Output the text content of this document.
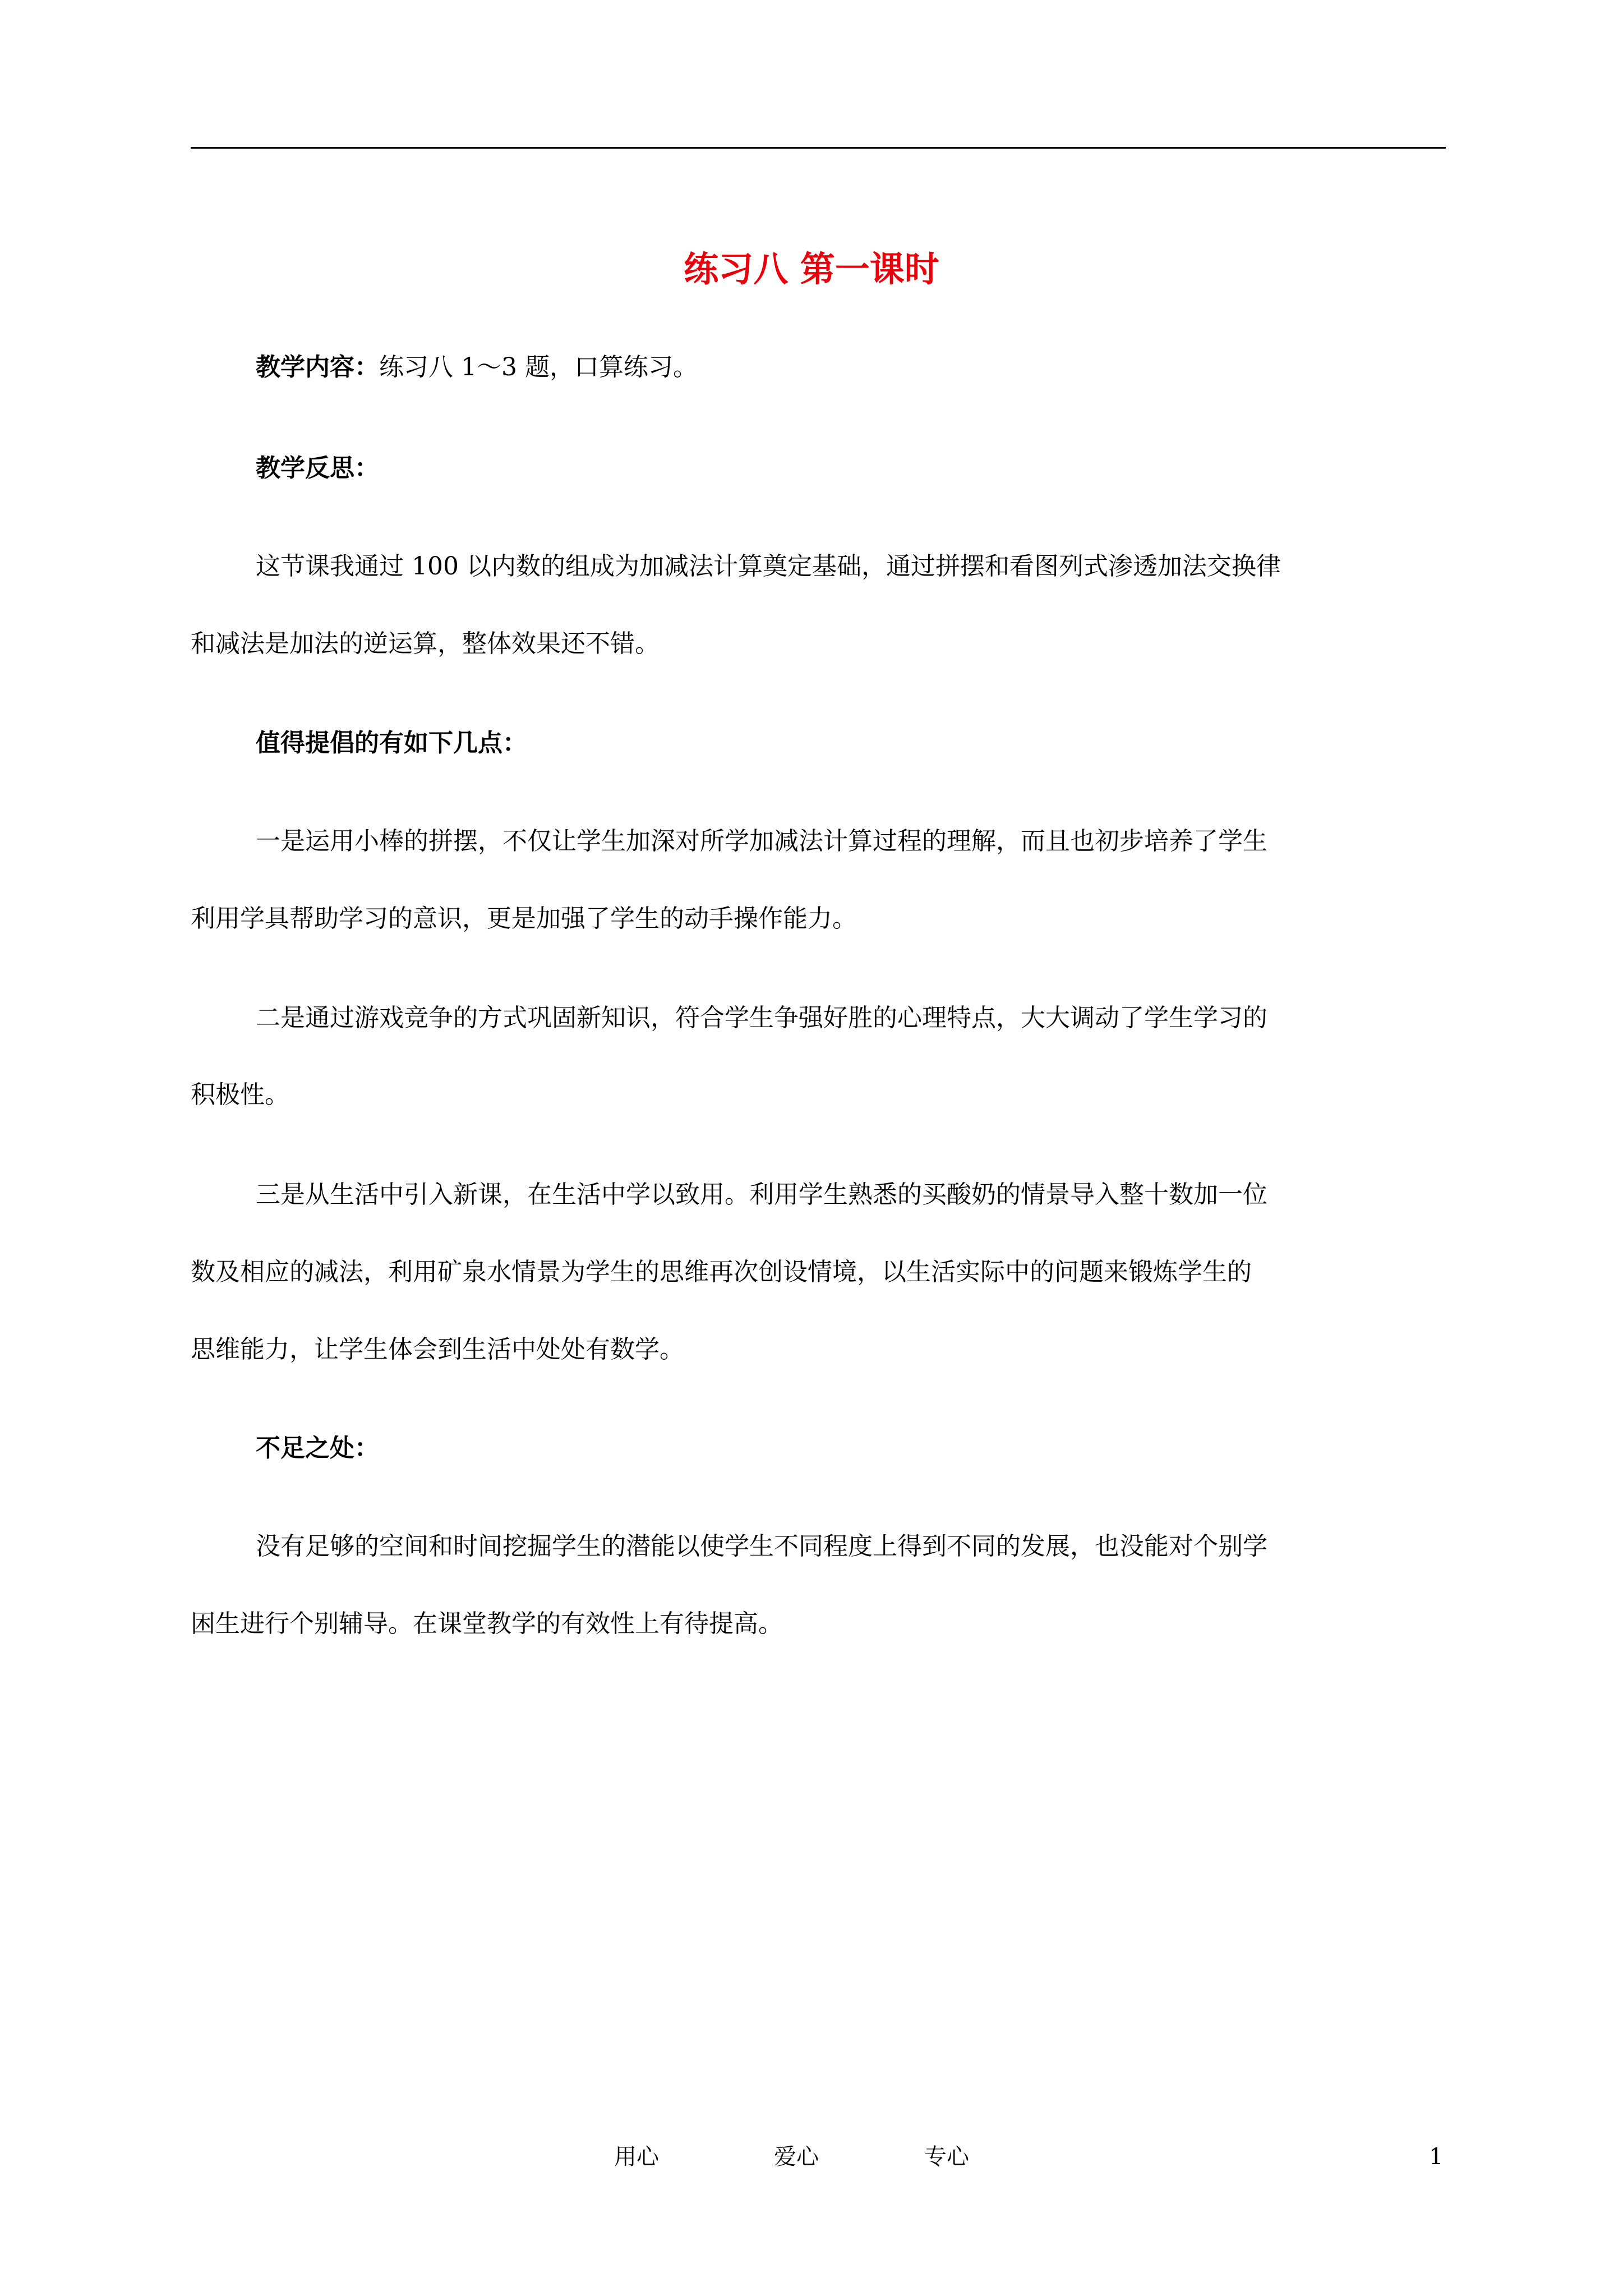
练习八 第一课时
教学内容：练习八 1～3 题，口算练习。
教学反思：
这节课我通过 100 以内数的组成为加减法计算奠定基础，通过拼摆和看图列式渗透加法交换律
和减法是加法的逆运算，整体效果还不错。
值得提倡的有如下几点：
一是运用小棒的拼摆，不仅让学生加深对所学加减法计算过程的理解，而且也初步培养了学生
利用学具帮助学习的意识，更是加强了学生的动手操作能力。
二是通过游戏竞争的方式巩固新知识，符合学生争强好胜的心理特点，大大调动了学生学习的
积极性。
三是从生活中引入新课，在生活中学以致用。利用学生熟悉的买酸奶的情景导入整十数加一位
数及相应的减法，利用矿泉水情景为学生的思维再次创设情境，以生活实际中的问题来锻炼学生的
思维能力，让学生体会到生活中处处有数学。
不足之处：
没有足够的空间和时间挖掘学生的潜能以使学生不同程度上得到不同的发展，也没能对个别学
困生进行个别辅导。在课堂教学的有效性上有待提高。
用心	爱心	专心	1
